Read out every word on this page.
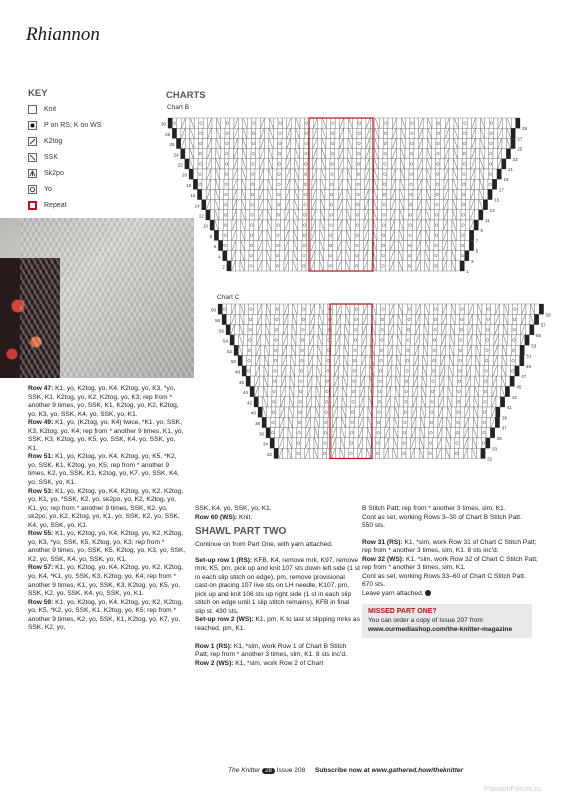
Rhiannon
KEY
Knit
P on RS; K on WS
K2tog
SSK
Sk2po
Yo
Repeat
CHARTS
Chart B
Chart C
30
29
28
27
26
25
24
23
22
21
20
19
18
17
16
15
14
13
12
11
10
9
8
7
6
5
4
3
2
1
60
59
58
57
56
55
54
53
52
51
50
49
48
47
46
45
44
43
42
41
40
39
38
37
36
35
34
33
32
31

Row 47: K1, yo, K2tog, yo, K4, K2tog, yo, K3, *yo, SSK, K1, K2tog, yo, K2, K2tog, yo, K3; rep from * another 9 times, yo, SSK, K1, K2tog, yo, K2, K2tog, yo, K3, yo, SSK, K4, yo, SSK, yo, K1.

Row 49: K1, yo, (K2tog, yo, K4) twice, *K1, yo, SSK, K3, K2tog, yo, K4; rep from * another 9 times, K1, yo, SSK, K3, K2tog, yo, K5, yo, SSK, K4, yo, SSK, yo, K1.

Row 51: K1, yo, K2tog, yo, K4, K2tog, yo, K5, *K2, yo, SSK, K1, K2tog, yo, K5; rep from * another 9 times, K2, yo, SSK, K1, K2tog, yo, K7, yo, SSK, K4, yo, SSK, yo, K1.

Row 53: K1, yo, K2tog, yo, K4, K2tog, yo, K2, K2tog, yo, K1, yo, *SSK, K2, yo, sk2po, yo, K2, K2tog, yo, K1, yo; rep from * another 9 times, SSK, K2, yo, sk2po, yo, K2, K2tog, yo, K1, yo, SSK, K2, yo, SSK, K4, yo, SSK, yo, K1.

Row 55: K1, yo, K2tog, yo, K4, K2tog, yo, K2, K2tog, yo, K3, *yo, SSK, K5, K2tog, yo, K3; rep from * another 9 times, yo, SSK, K5, K2tog, yo, K3, yo, SSK, K2, yo, SSK, K4, yo, SSK, yo, K1.

Row 57: K1, yo, K2tog, yo, K4, K2tog, yo, K2, K2tog, yo, K4, *K1, yo, SSK, K3, K2tog, yo, K4; rep from * another 9 times, K1, yo, SSK, K3, K2tog, yo, K5, yo, SSK, K2, yo, SSK, K4, yo, SSK, yo, K1.

Row 59: K1, yo, K2tog, yo, K4, K2tog, yo, K2, K2tog, yo, K5, *K2, yo, SSK, K1, K2tog, yo, K5; rep from * another 9 times, K2, yo, SSK, K1, K2tog, yo, K7, yo, SSK, K2, yo,

SSK, K4, yo, SSK, yo, K1.

Row 60 (WS): Knit.

SHAWL PART TWO

Continue on from Part One, with yarn attached.

Set-up row 1 (RS): KFB, K4, remove mrk, K97, remove mrk, K5, pm, pick up and knit 107 sts down left side (1 st in each slip stitch on edge), pm, remove provisional cast-on placing 107 live sts on LH needle, K107, pm, pick up and knit 106 sts up right side (1 st in each slip stitch on edge until 1 slip stitch remains), KFB in final slip st. 430 sts.

Set-up row 2 (WS): K1, pm, K to last st slipping mrks as reached, pm, K1.

Row 1 (RS): K1, *slm, work Row 1 of Chart B Stitch Patt; rep from * another 3 times, slm, K1. 8 sts inc'd.

Row 2 (WS): K1, *slm, work Row 2 of Chart

B Stitch Patt; rep from * another 3 times, slm, K1.

Cont as set, working Rows 3–30 of Chart B Stitch Patt.

550 sts.

Row 31 (RS): K1, *slm, work Row 31 of Chart C Stitch Patt; rep from * another 3 times, slm, K1. 8 sts inc'd.

Row 32 (WS): K1, *slm, work Row 32 of Chart C Stitch Patt; rep from * another 3 times, slm, K1.

Cont as set, working Rows 33–60 of Chart C Stitch Patt.

670 sts.

Leave yarn attached.

MISSED PART ONE?
You can order a copy of Issue 207 from www.ourmediashop.com/the-knitter-magazine
The Knitter 28 Issue 208 Subscribe now at www.gathered.how/theknitter
PassionForum.ru
